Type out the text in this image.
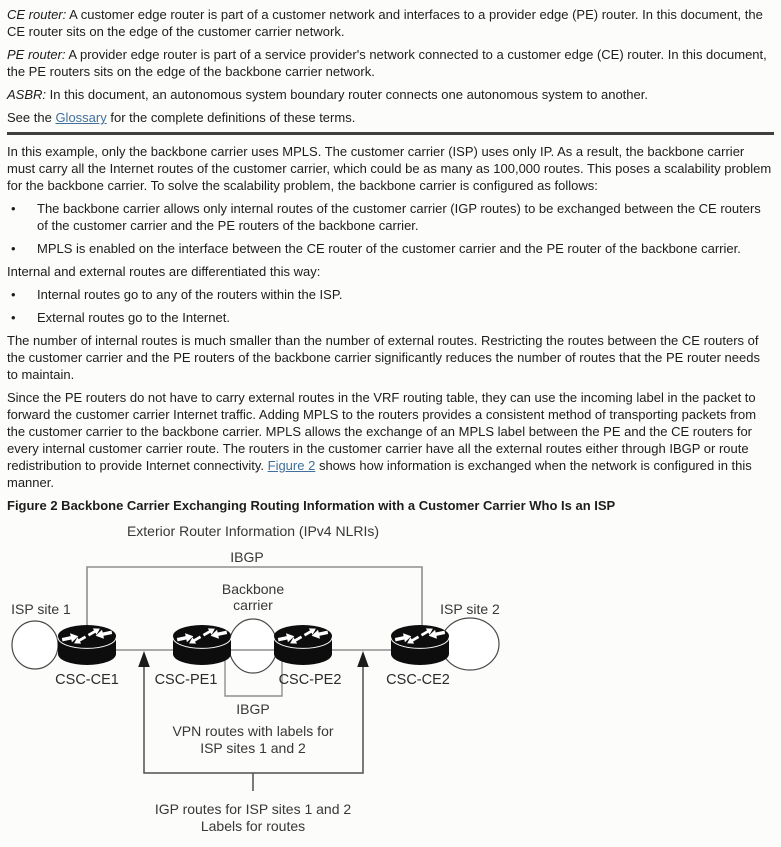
CE router: A customer edge router is part of a customer network and interfaces to a provider edge (PE) router. In this document, the CE router sits on the edge of the customer carrier network.

PE router: A provider edge router is part of a service provider's network connected to a customer edge (CE) router. In this document, the PE routers sits on the edge of the backbone carrier network.

ASBR: In this document, an autonomous system boundary router connects one autonomous system to another.

See the Glossary for the complete definitions of these terms.

In this example, only the backbone carrier uses MPLS. The customer carrier (ISP) uses only IP. As a result, the backbone carrier must carry all the Internet routes of the customer carrier, which could be as many as 100,000 routes. This poses a scalability problem for the backbone carrier. To solve the scalability problem, the backbone carrier is configured as follows:

•	The backbone carrier allows only internal routes of the customer carrier (IGP routes) to be exchanged between the CE routers of the customer carrier and the PE routers of the backbone carrier.
•	MPLS is enabled on the interface between the CE router of the customer carrier and the PE router of the backbone carrier.

Internal and external routes are differentiated this way:

•	Internal routes go to any of the routers within the ISP.
•	External routes go to the Internet.

The number of internal routes is much smaller than the number of external routes. Restricting the routes between the CE routers of the customer carrier and the PE routers of the backbone carrier significantly reduces the number of routes that the PE router needs to maintain.

Since the PE routers do not have to carry external routes in the VRF routing table, they can use the incoming label in the packet to forward the customer carrier Internet traffic. Adding MPLS to the routers provides a consistent method of transporting packets from the customer carrier to the backbone carrier. MPLS allows the exchange of an MPLS label between the PE and the CE routers for every internal customer carrier route. The routers in the customer carrier have all the external routes either through IBGP or route redistribution to provide Internet connectivity. Figure 2 shows how information is exchanged when the network is configured in this manner.

Figure 2 Backbone Carrier Exchanging Routing Information with a Customer Carrier Who Is an ISP

Exterior Router Information (IPv4 NLRIs)
IBGP
Backbone
carrier
ISP site 1	ISP site 2
CSC-CE1 CSC-PE1	CSC-PE2	CSC-CE2
IBGP
VPN routes with labels for
ISP sites 1 and 2
IGP routes for ISP sites 1 and 2
Labels for routes
